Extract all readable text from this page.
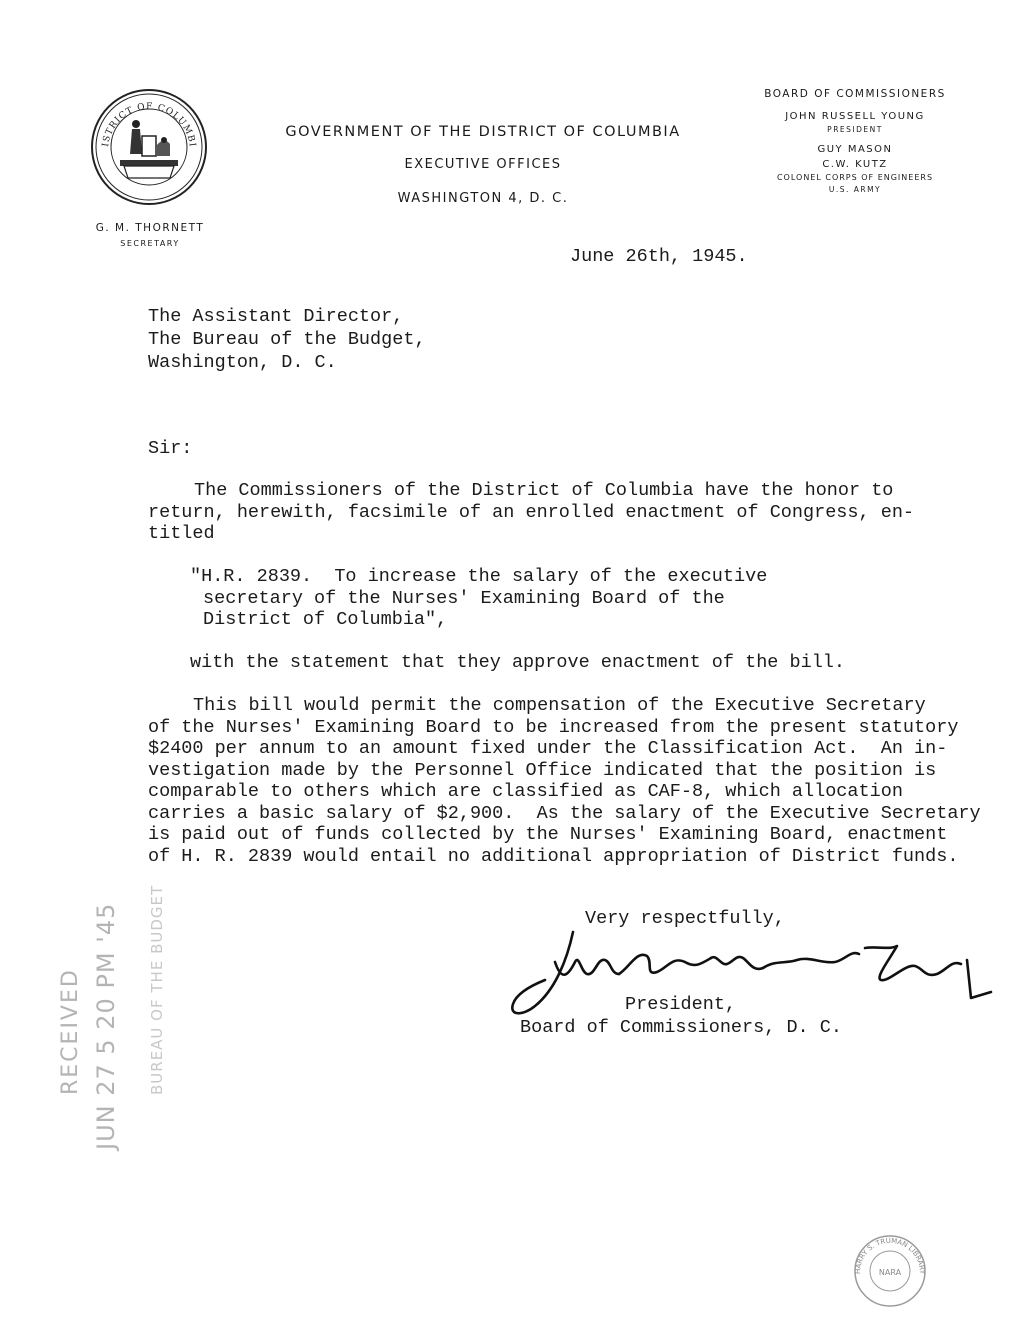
ISTRICT OF COLUMBI
GOVERNMENT OF THE DISTRICT OF COLUMBIA
EXECUTIVE OFFICES
WASHINGTON 4, D. C.
G. M. THORNETT
SECRETARY
BOARD OF COMMISSIONERS
JOHN RUSSELL YOUNG
PRESIDENT
GUY MASON
C.W. KUTZ
COLONEL CORPS OF ENGINEERS
U.S. ARMY
June 26th, 1945.
The Assistant Director,
The Bureau of the Budget,
Washington, D. C.
Sir:
The Commissioners of the District of Columbia have the honor to
return, herewith, facsimile of an enrolled enactment of Congress, en-
titled
"H.R. 2839.  To increase the salary of the executive
secretary of the Nurses' Examining Board of the
District of Columbia",
with the statement that they approve enactment of the bill.
This bill would permit the compensation of the Executive Secretary
of the Nurses' Examining Board to be increased from the present statutory
$2400 per annum to an amount fixed under the Classification Act.  An in-
vestigation made by the Personnel Office indicated that the position is
comparable to others which are classified as CAF-8, which allocation
carries a basic salary of $2,900.  As the salary of the Executive Secretary
is paid out of funds collected by the Nurses' Examining Board, enactment
of H. R. 2839 would entail no additional appropriation of District funds.
Very respectfully,
President,
Board of Commissioners, D. C.
RECEIVED JUN 27 5 20 PM '45 BUREAU OF THE BUDGET
HARRY S. TRUMAN LIBRARY
NARA
